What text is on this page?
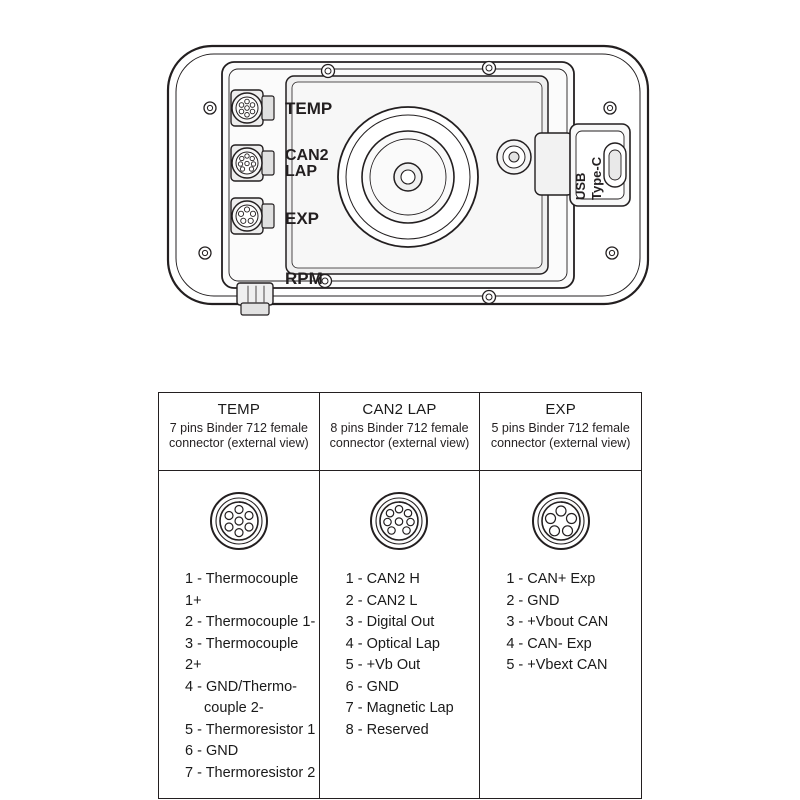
TEMP
CAN2
LAP
EXP
RPM
USB Type-C
TEMP
7 pins Binder 712 female connector (external view)
CAN2 LAP
8 pins Binder 712 female connector (external view)
EXP
5 pins Binder 712 female connector (external view)
1 - Thermocouple 1+
2 - Thermocouple 1-
3 - Thermocouple 2+
4 - GND/Thermo-
couple 2-
5 - Thermoresistor 1
6 - GND
7 - Thermoresistor 2
1 - CAN2 H
2 - CAN2 L
3 - Digital Out
4 - Optical Lap
5 - +Vb Out
6 - GND
7 - Magnetic Lap
8 - Reserved
1 - CAN+ Exp
2 - GND
3 - +Vbout CAN
4 - CAN- Exp
5 - +Vbext CAN
